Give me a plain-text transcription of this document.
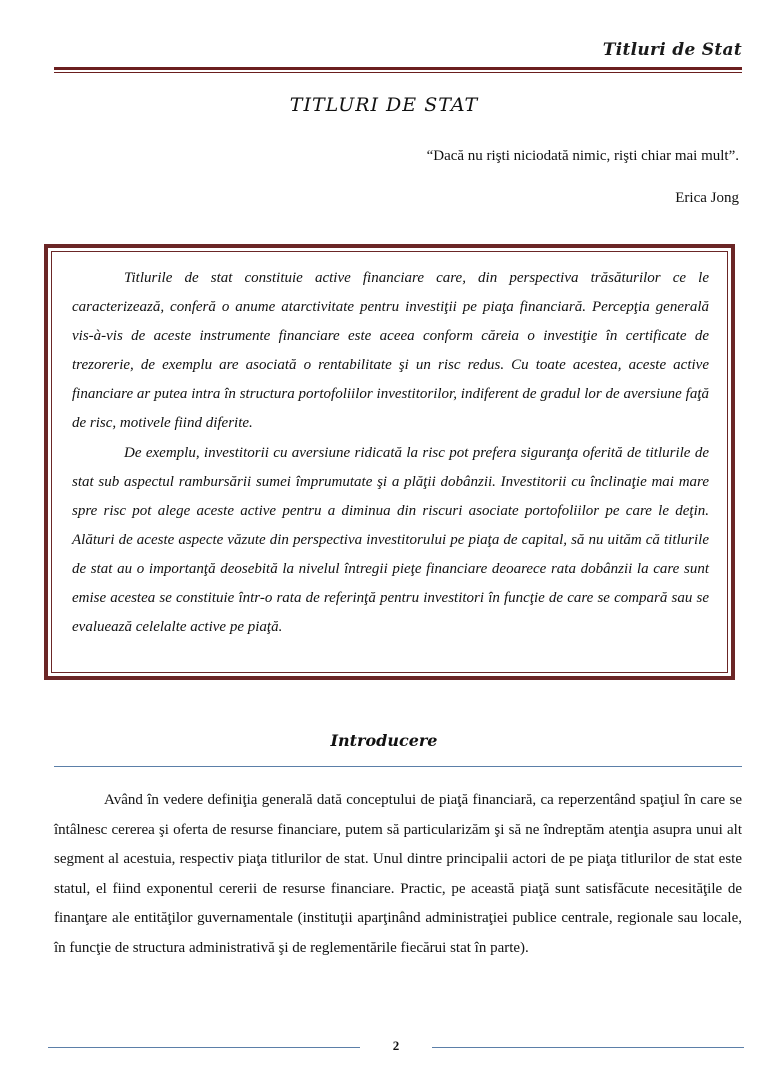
Titluri de Stat
TITLURI DE STAT
“Dacă nu rişti niciodată nimic, rişti chiar mai mult”.
Erica Jong

Titlurile de stat constituie active financiare care, din perspectiva trăsăturilor ce le caracterizează, conferă o anume atarctivitate pentru investiţii pe piaţa financiară. Percepţia generală vis-à-vis de aceste instrumente financiare este aceea conform căreia o investiţie în certificate de trezorerie, de exemplu are asociată o rentabilitate şi un risc redus. Cu toate acestea, aceste active financiare ar putea intra în structura portofoliilor investitorilor, indiferent de gradul lor de aversiune faţă de risc, motivele fiind diferite.

De exemplu, investitorii cu aversiune ridicată la risc pot prefera siguranţa oferită de titlurile de stat sub aspectul rambursării sumei împrumutate şi a plăţii dobânzii. Investitorii cu înclinaţie mai mare spre risc pot alege aceste active pentru a diminua din riscuri asociate portofoliilor pe care le deţin. Alături de aceste aspecte văzute din perspectiva investitorului pe piaţa de capital, să nu uităm că titlurile de stat au o importanţă deosebită la nivelul întregii pieţe financiare deoarece rata dobânzii la care sunt emise acestea se constituie într-o rata de referinţă pentru investitori în funcţie de care se compară sau se evaluează celelalte active pe piaţă.

Introducere

Având în vedere definiţia generală dată conceptului de piaţă financiară, ca reperzentând spaţiul în care se întâlnesc cererea şi oferta de resurse financiare, putem să particularizăm şi să ne îndreptăm atenţia asupra unui alt segment al acestuia, respectiv piaţa titlurilor de stat. Unul dintre principalii actori de pe piaţa titlurilor de stat este statul, el fiind exponentul cererii de resurse financiare. Practic, pe această piaţă sunt satisfăcute necesităţile de finanţare ale entităţilor guvernamentale (instituţii aparţinând administraţiei publice centrale, regionale sau locale, în funcţie de structura administrativă şi de reglementările fiecărui stat în parte).

2
